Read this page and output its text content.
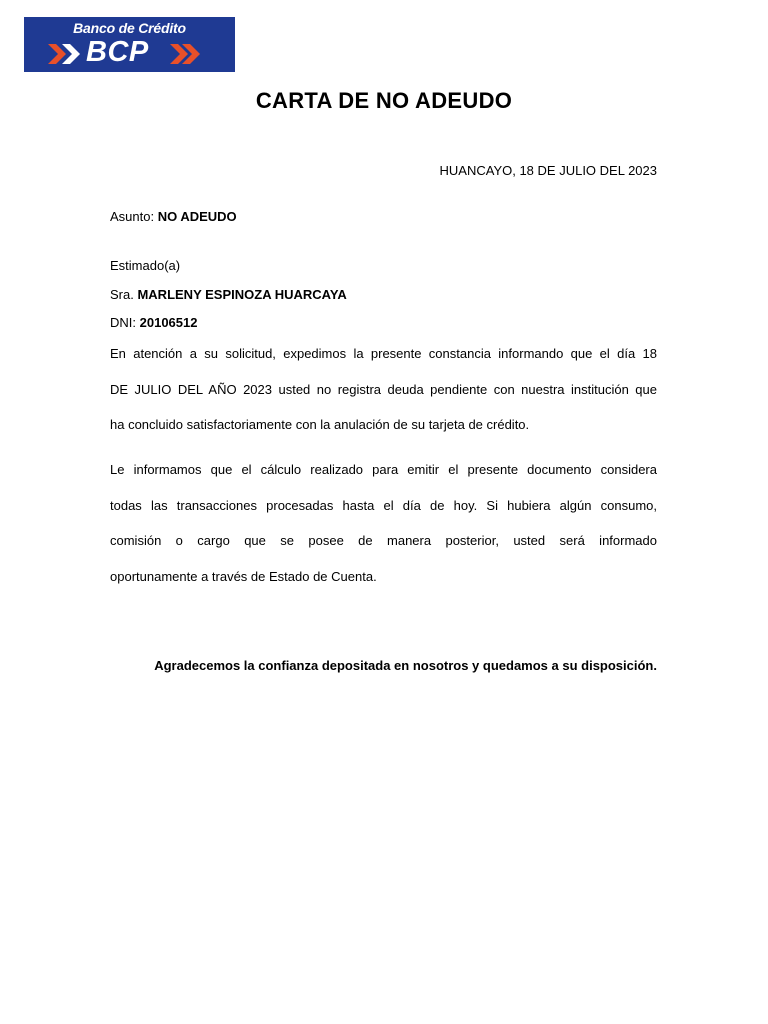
Banco de Crédito
BCP
CARTA DE NO ADEUDO
HUANCAYO, 18 DE JULIO DEL 2023
Asunto: NO ADEUDO
Estimado(a)
Sra. MARLENY ESPINOZA HUARCAYA
DNI: 20106512
En atención a su solicitud, expedimos la presente constancia informando que el día 18
DE JULIO DEL AÑO 2023 usted no registra deuda pendiente con nuestra institución que
ha concluido satisfactoriamente con la anulación de su tarjeta de crédito.
Le informamos que el cálculo realizado para emitir el presente documento considera
todas las transacciones procesadas hasta el día de hoy. Si hubiera algún consumo,
comisión o cargo que se posee de manera posterior, usted será informado
oportunamente a través de Estado de Cuenta.
Agradecemos la confianza depositada en nosotros y quedamos a su disposición.
